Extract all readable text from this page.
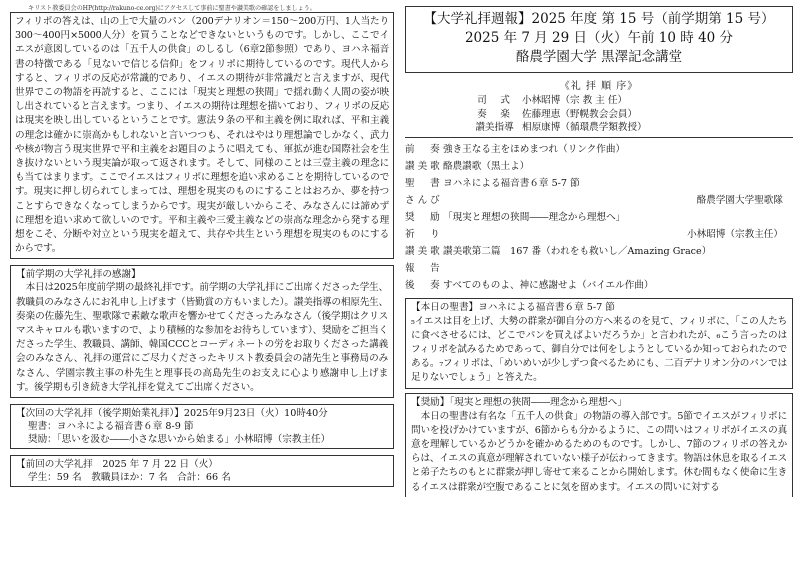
キリスト教委員会のHP(http://rakuno-ce.org)にアクセスして事前に聖書や讃美歌の確認をしましょう。

フィリポの答えは、山の上で大量のパン（200デナリオン＝150〜200万円、1人当たり300〜400円×5000人分）を買うことなどできないというものです。しかし、ここでイエスが意図しているのは「五千人の供食」のしるし（6章2節参照）であり、ヨハネ福音書の特徴である「見ないで信じる信仰」をフィリポに期待しているのです。現代人からすると、フィリポの反応が常識的であり、イエスの期待が非常識だと言えますが、現代世界でこの物語を再読すると、ここには「現実と理想の狭間」で揺れ動く人間の姿が映し出されていると言えます。つまり、イエスの期待は理想を描いており、フィリポの反応は現実を映し出しているということです。憲法９条の平和主義を例に取れば、平和主義の理念は確かに崇高かもしれないと言いつつも、それはやはり理想論でしかなく、武力や核が物言う現実世界で平和主義をお題目のように唱えても、軍拡が進む国際社会を生き抜けないという現実論が取って返されます。そして、同様のことは三壹主義の理念にも当てはまります。ここでイエスはフィリポに理想を追い求めることを期待しているのです。現実に押し切られてしまっては、理想を現実のものにすることはおろか、夢を持つことすらできなくなってしまうからです。現実が厳しいからこそ、みなさんには諦めずに理想を追い求めて欲しいのです。平和主義や三愛主義などの崇高な理念から発する理想をこそ、分断や対立という現実を超えて、共存や共生という理想を現実のものにするからです。

【前学期の大学礼拝の感謝】

本日は2025年度前学期の最終礼拝です。前学期の大学礼拝にご出席くださった学生、教職員のみなさんにお礼申し上げます（皆勤賞の方もいました）。讃美指導の相原先生、奏楽の佐藤先生、聖歌隊で素敵な歌声を響かせてくださったみなさん（後学期はクリスマスキャロルも歌いますので、より積極的な参加をお待ちしています）、奨励をご担当くださった学生、教職員、講師、韓国CCCとコーディネートの労をお取りくださった講義会のみなさん、礼拝の運営にご尽力くださったキリスト教委員会の諸先生と事務局のみなさん、学園宗教主事の朴先生と理事長の高島先生のお支えに心より感謝申し上げます。後学期も引き続き大学礼拝を覚えてご出席ください。

【次回の大学礼拝（後学期始業礼拝）】2025年9月23日（火）10時40分
聖書：ヨハネによる福音書６章 8-9 節
奨励：「思いを汲む――小さな思いから始まる」小林昭博（宗教主任）
【前回の大学礼拝　2025 年 7 月 22 日（火）
学生：59 名　教職員ほか：7 名　合計：66 名
【大学礼拝週報】2025 年度 第 15 号（前学期第 15 号）
2025 年 7 月 29 日（火）午前 10 時 40 分
酪農学園大学 黒澤記念講堂
《礼 拝 順 序》
司　式	小林昭博（宗 教 主 任）
奏　楽	佐藤理恵（野幌教会会員）
讃美指導 相原康博（循環農学類教授）
前　奏 強き王なる主をほめまつれ（リンク作曲）
讃美歌 酪農讃歌（黒土よ）
聖　書 ヨハネによる福音書６章 5-7 節
さんび	酪農学園大学聖歌隊
奨　励 「現実と理想の狭間――理念から理想へ」
祈　り	小林昭博（宗教主任）
讃美歌 讃美歌第二篇　167 番（われをも救いし／Amazing Grace）
報　告
後　奏 すべてのものよ、神に感謝せよ（バイエル作曲）
【本日の聖書】ヨハネによる福音書６章 5-7 節

₅イエスは目を上げ、大勢の群衆が御自分の方へ来るのを見て、フィリポに、「この人たちに食べさせるには、どこでパンを買えばよいだろうか」と言われたが、₆こう言ったのはフィリポを試みるためであって、御自分では何をしようとしているか知っておられたのである。₇フィリポは、「めいめいが少しずつ食べるためにも、二百デナリオン分のパンでは足りないでしょう」と答えた。

【奨励】「現実と理想の狭間――理念から理想へ」

本日の聖書は有名な「五千人の供食」の物語の導入部です。5節でイエスがフィリポに問いを投げかけていますが、6節からも分かるように、この問いはフィリポがイエスの真意を理解しているかどうかを確かめるためのものです。しかし、7節のフィリポの答えからは、イエスの真意が理解されていない様子が伝わってきます。物語は休息を取るイエスと弟子たちのもとに群衆が押し寄せて来ることから開始します。休む間もなく使命に生きるイエスは群衆が空腹であることに気を留めます。イエスの問いに対する
